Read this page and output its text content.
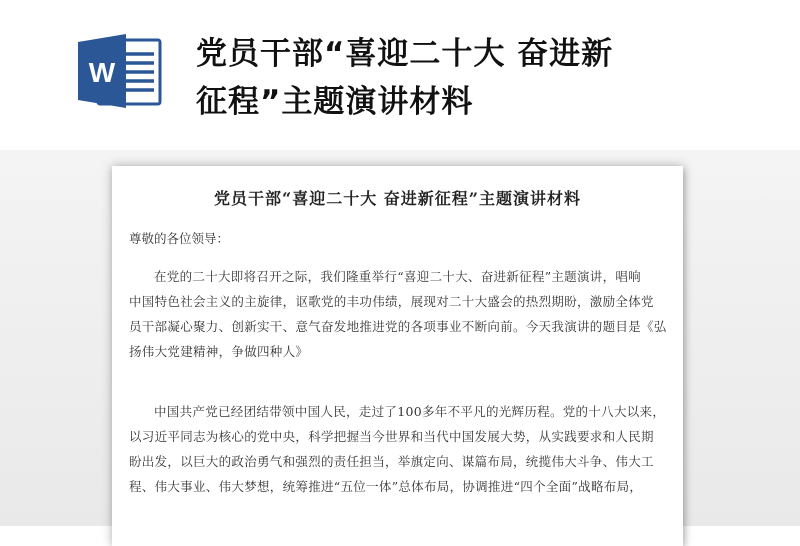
W
党员干部“喜迎二十大 奋进新
征程”主题演讲材料
党员干部“喜迎二十大 奋进新征程”主题演讲材料
尊敬的各位领导：
在党的二十大即将召开之际，我们隆重举行“喜迎二十大、奋进新征程”主题演讲，唱响
中国特色社会主义的主旋律，讴歌党的丰功伟绩，展现对二十大盛会的热烈期盼，激励全体党
员干部凝心聚力、创新实干、意气奋发地推进党的各项事业不断向前。今天我演讲的题目是《弘
扬伟大党建精神，争做四种人》
中国共产党已经团结带领中国人民，走过了100多年不平凡的光辉历程。党的十八大以来，
以习近平同志为核心的党中央，科学把握当今世界和当代中国发展大势，从实践要求和人民期
盼出发，以巨大的政治勇气和强烈的责任担当，举旗定向、谋篇布局，统揽伟大斗争、伟大工
程、伟大事业、伟大梦想，统筹推进“五位一体”总体布局，协调推进“四个全面”战略布局，
